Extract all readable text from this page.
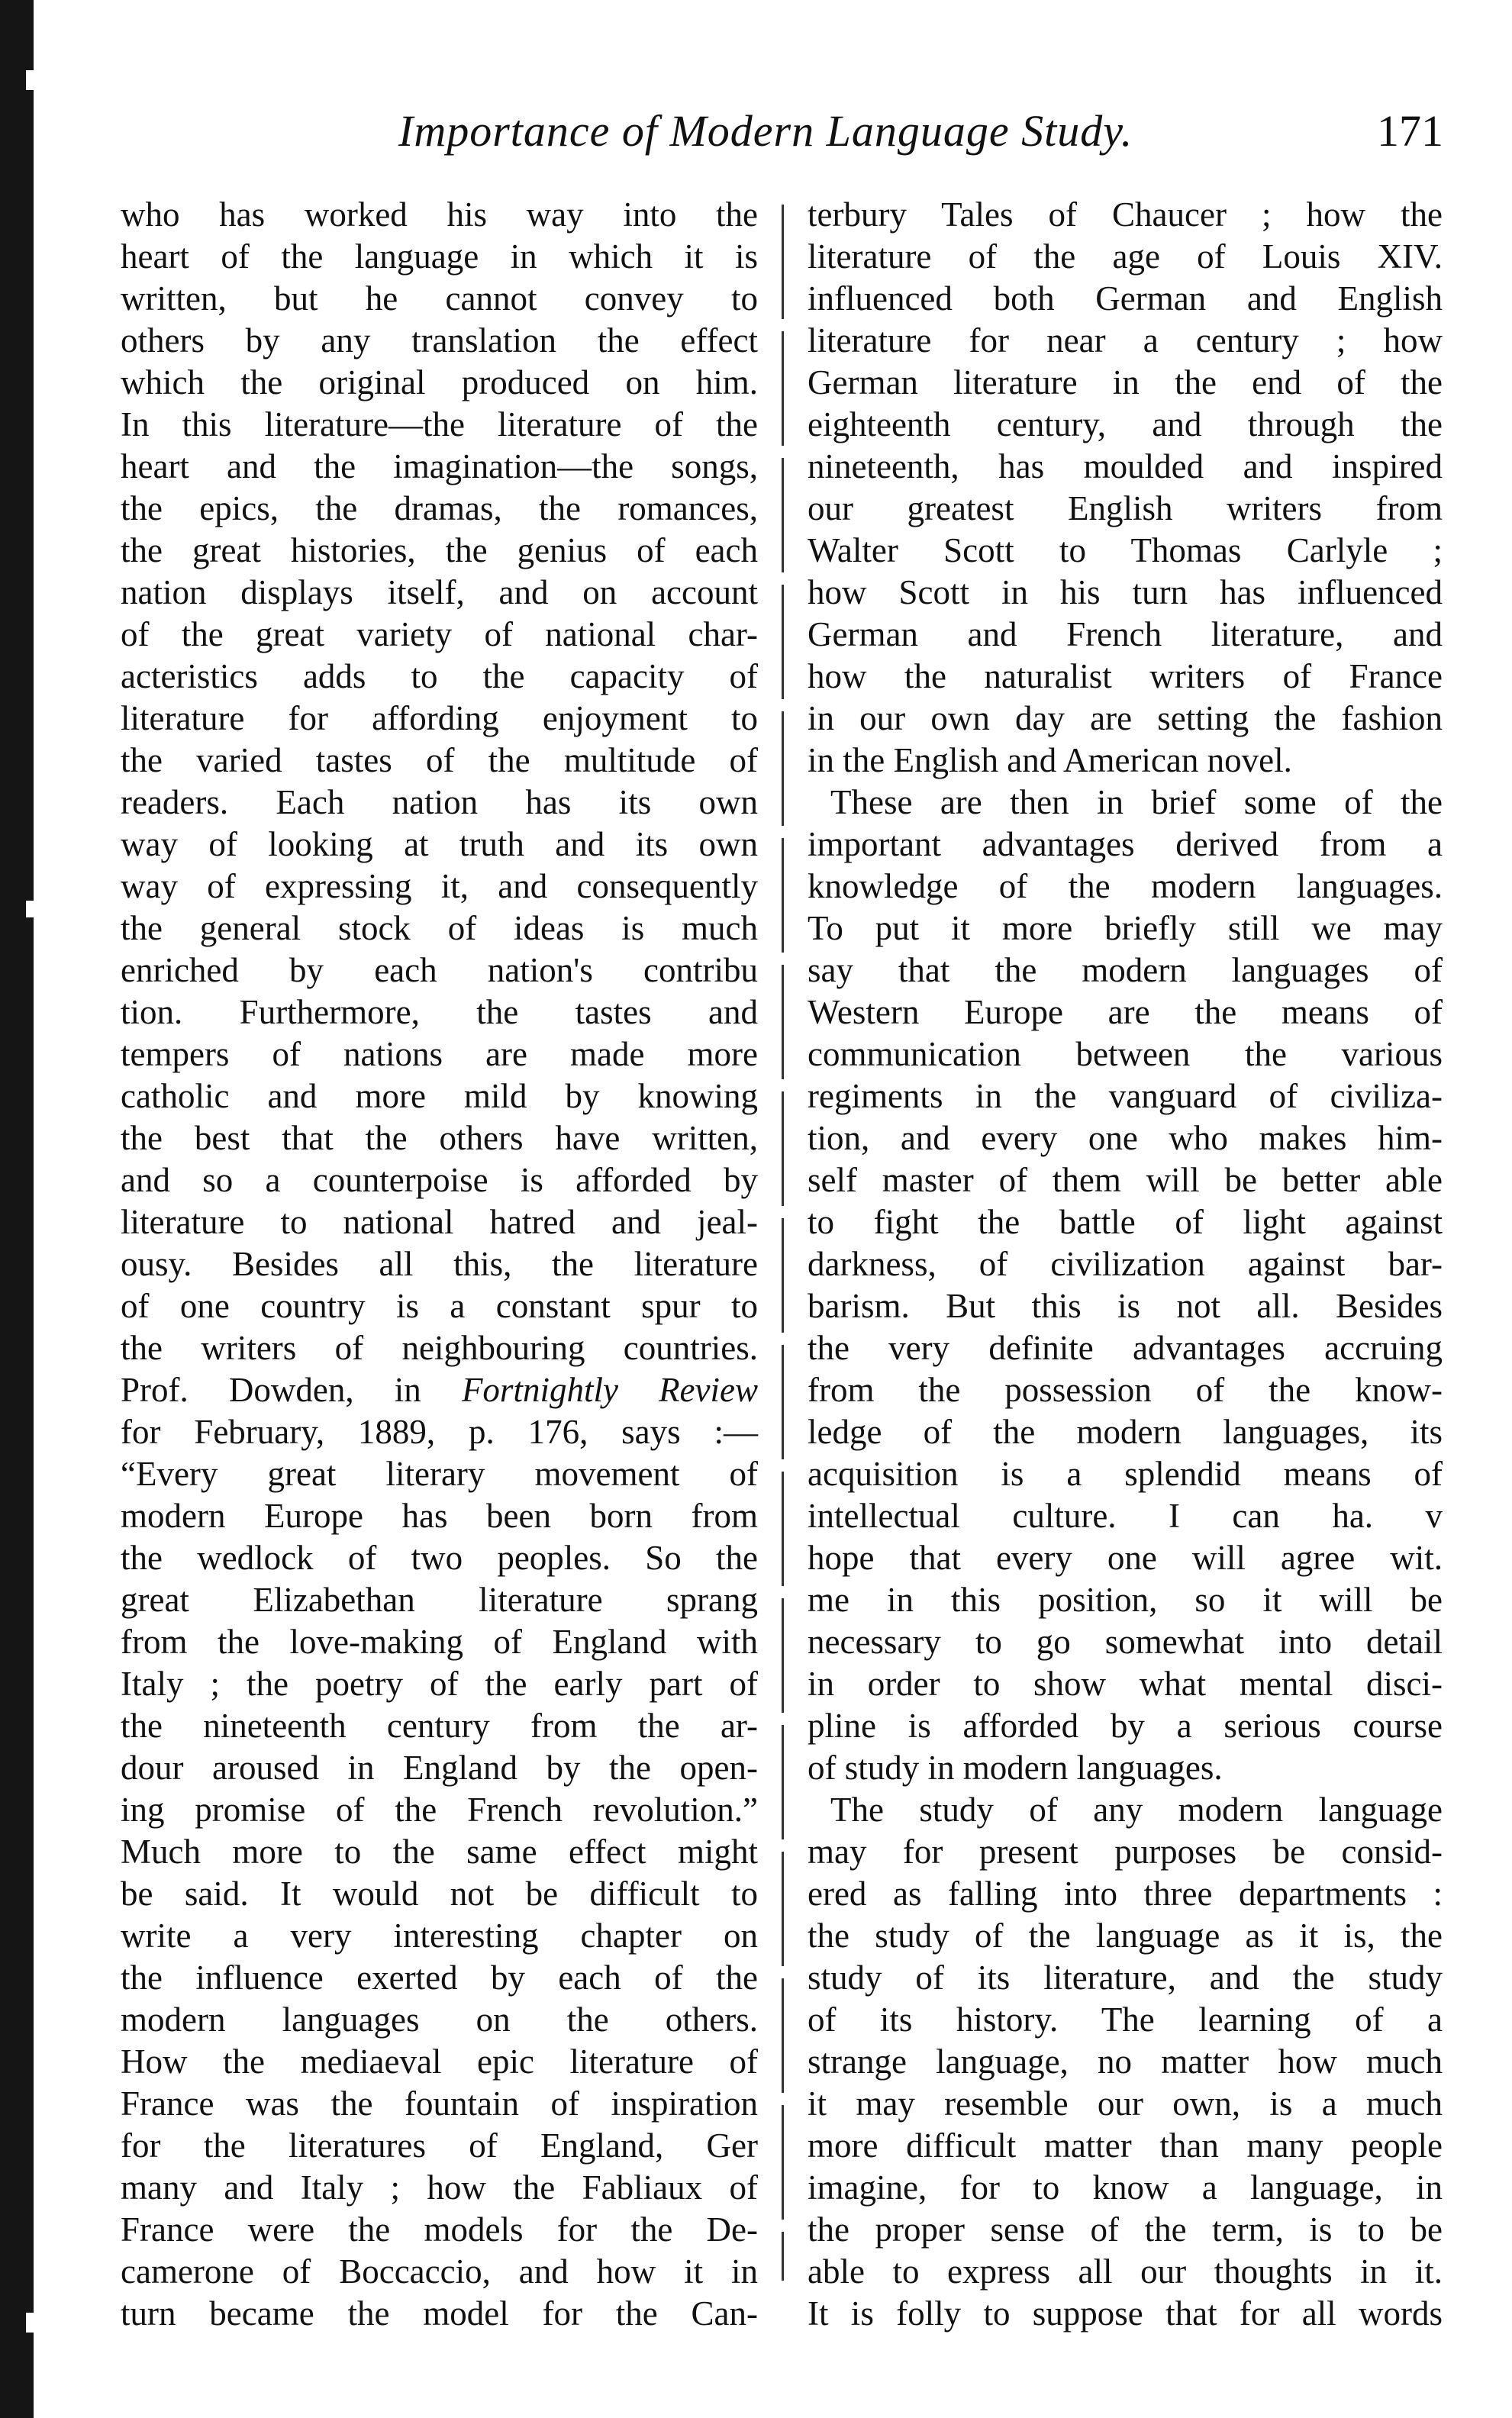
Importance of Modern Language Study.	171
who has worked his way into the
heart of the language in which it is
written, but he cannot convey to
others by any translation the effect
which the original produced on him.
In this literature—the literature of the
heart and the imagination—the songs,
the epics, the dramas, the romances,
the great histories, the genius of each
nation displays itself, and on account
of the great variety of national char-
acteristics adds to the capacity of
literature for affording enjoyment to
the varied tastes of the multitude of
readers. Each nation has its own
way of looking at truth and its own
way of expressing it, and consequently
the general stock of ideas is much
enriched by each nation's contribu
tion. Furthermore, the tastes and
tempers of nations are made more
catholic and more mild by knowing
the best that the others have written,
and so a counterpoise is afforded by
literature to national hatred and jeal-
ousy. Besides all this, the literature
of one country is a constant spur to
the writers of neighbouring countries.
Prof. Dowden, in Fortnightly Review
for February, 1889, p. 176, says :—
“Every great literary movement of
modern Europe has been born from
the wedlock of two peoples. So the
great Elizabethan literature sprang
from the love-making of England with
Italy ; the poetry of the early part of
the nineteenth century from the ar-
dour aroused in England by the open-
ing promise of the French revolution.”
Much more to the same effect might
be said. It would not be difficult to
write a very interesting chapter on
the influence exerted by each of the
modern languages on the others.
How the mediaeval epic literature of
France was the fountain of inspiration
for the literatures of England, Ger
many and Italy ; how the Fabliaux of
France were the models for the De-
camerone of Boccaccio, and how it in
turn became the model for the Can-
terbury Tales of Chaucer ; how the
literature of the age of Louis XIV.
influenced both German and English
literature for near a century ; how
German literature in the end of the
eighteenth century, and through the
nineteenth, has moulded and inspired
our greatest English writers from
Walter Scott to Thomas Carlyle ;
how Scott in his turn has influenced
German and French literature, and
how the naturalist writers of France
in our own day are setting the fashion
in the English and American novel.
These are then in brief some of the
important advantages derived from a
knowledge of the modern languages.
To put it more briefly still we may
say that the modern languages of
Western Europe are the means of
communication between the various
regiments in the vanguard of civiliza-
tion, and every one who makes him-
self master of them will be better able
to fight the battle of light against
darkness, of civilization against bar-
barism. But this is not all. Besides
the very definite advantages accruing
from the possession of the know-
ledge of the modern languages, its
acquisition is a splendid means of
intellectual culture. I can ha. v
hope that every one will agree wit.
me in this position, so it will be
necessary to go somewhat into detail
in order to show what mental disci-
pline is afforded by a serious course
of study in modern languages.
The study of any modern language
may for present purposes be consid-
ered as falling into three departments :
the study of the language as it is, the
study of its literature, and the study
of its history. The learning of a
strange language, no matter how much
it may resemble our own, is a much
more difficult matter than many people
imagine, for to know a language, in
the proper sense of the term, is to be
able to express all our thoughts in it.
It is folly to suppose that for all words
